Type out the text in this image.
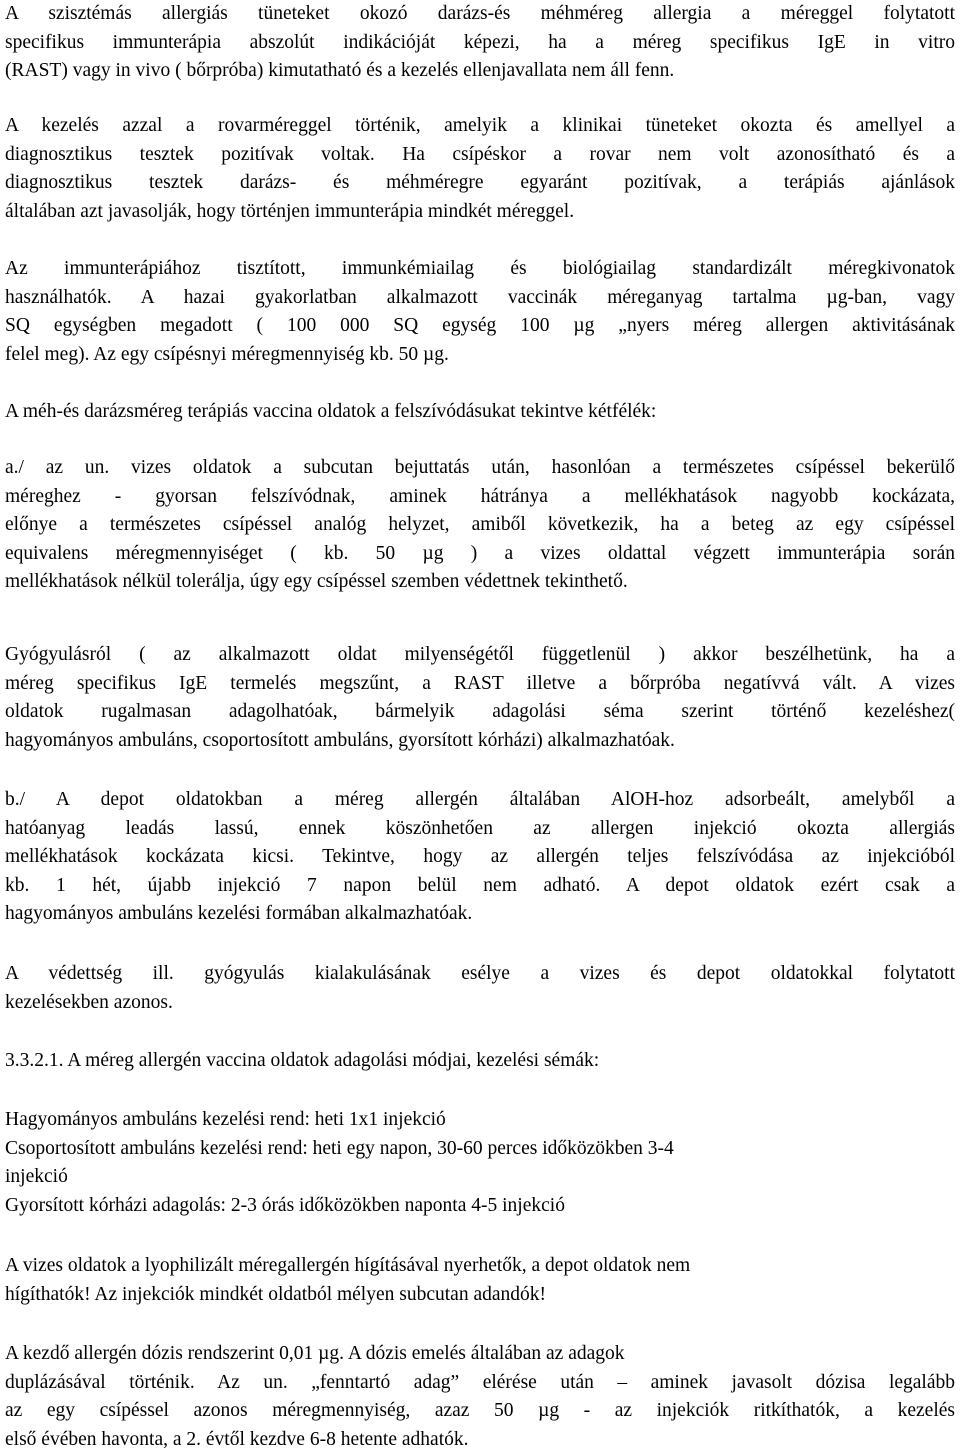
A szisztémás allergiás tüneteket okozó darázs-és méhméreg allergia a méreggel folytatott
specifikus immunterápia abszolút indikációját képezi, ha a méreg specifikus IgE in vitro
(RAST) vagy in vivo ( bőrpróba) kimutatható és a kezelés ellenjavallata nem áll fenn.

A kezelés azzal a rovarméreggel történik, amelyik a klinikai tüneteket okozta és amellyel a
diagnosztikus tesztek pozitívak voltak. Ha csípéskor a rovar nem volt azonosítható és a
diagnosztikus tesztek darázs- és méhméregre egyaránt pozitívak, a terápiás ajánlások
általában azt javasolják, hogy történjen immunterápia mindkét méreggel.

Az immunterápiához tisztított, immunkémiailag és biológiailag standardizált méregkivonatok
használhatók. A hazai gyakorlatban alkalmazott vaccinák méreganyag tartalma µg-ban, vagy
SQ egységben megadott ( 100 000 SQ egység 100 µg „nyers méreg allergen aktivitásának
felel meg). Az egy csípésnyi méregmennyiség kb. 50 µg.

A méh-és darázsméreg terápiás vaccina oldatok a felszívódásukat tekintve kétfélék:

a./ az un. vizes oldatok a subcutan bejuttatás után, hasonlóan a természetes csípéssel bekerülő
méreghez - gyorsan felszívódnak, aminek hátránya a mellékhatások nagyobb kockázata,
előnye a természetes csípéssel analóg helyzet, amiből következik, ha a beteg az egy csípéssel
equivalens méregmennyiséget ( kb. 50 µg ) a vizes oldattal végzett immunterápia során
mellékhatások nélkül tolerálja, úgy egy csípéssel szemben védettnek tekinthető.

Gyógyulásról ( az alkalmazott oldat milyenségétől függetlenül ) akkor beszélhetünk, ha a
méreg specifikus IgE termelés megszűnt, a RAST illetve a bőrpróba negatívvá vált. A vizes
oldatok rugalmasan adagolhatóak, bármelyik adagolási séma szerint történő kezeléshez(
hagyományos ambuláns, csoportosított ambuláns, gyorsított kórházi) alkalmazhatóak.

b./ A depot oldatokban a méreg allergén általában AlOH-hoz adsorbeált, amelyből a
hatóanyag leadás lassú, ennek köszönhetően az allergen injekció okozta allergiás
mellékhatások kockázata kicsi. Tekintve, hogy az allergén teljes felszívódása az injekcióból
kb. 1 hét, újabb injekció 7 napon belül nem adható. A depot oldatok ezért csak a
hagyományos ambuláns kezelési formában alkalmazhatóak.

A védettség ill. gyógyulás kialakulásának esélye a vizes és depot oldatokkal folytatott
kezelésekben azonos.

3.3.2.1. A méreg allergén vaccina oldatok adagolási módjai, kezelési sémák:

Hagyományos ambuláns kezelési rend: heti 1x1 injekció
Csoportosított ambuláns kezelési rend: heti egy napon, 30-60 perces időközökben 3-4
injekció
Gyorsított kórházi adagolás: 2-3 órás időközökben naponta 4-5 injekció

A vizes oldatok a lyophilizált méregallergén hígításával nyerhetők, a depot oldatok nem
hígíthatók! Az injekciók mindkét oldatból mélyen subcutan adandók!

A kezdő allergén dózis rendszerint 0,01 µg. A dózis emelés általában az adagok
duplázásával történik. Az un. „fenntartó adag” elérése után – aminek javasolt dózisa legalább
az egy csípéssel azonos méregmennyiség, azaz 50 µg - az injekciók ritkíthatók, a kezelés
első évében havonta, a 2. évtől kezdve 6-8 hetente adhatók.
